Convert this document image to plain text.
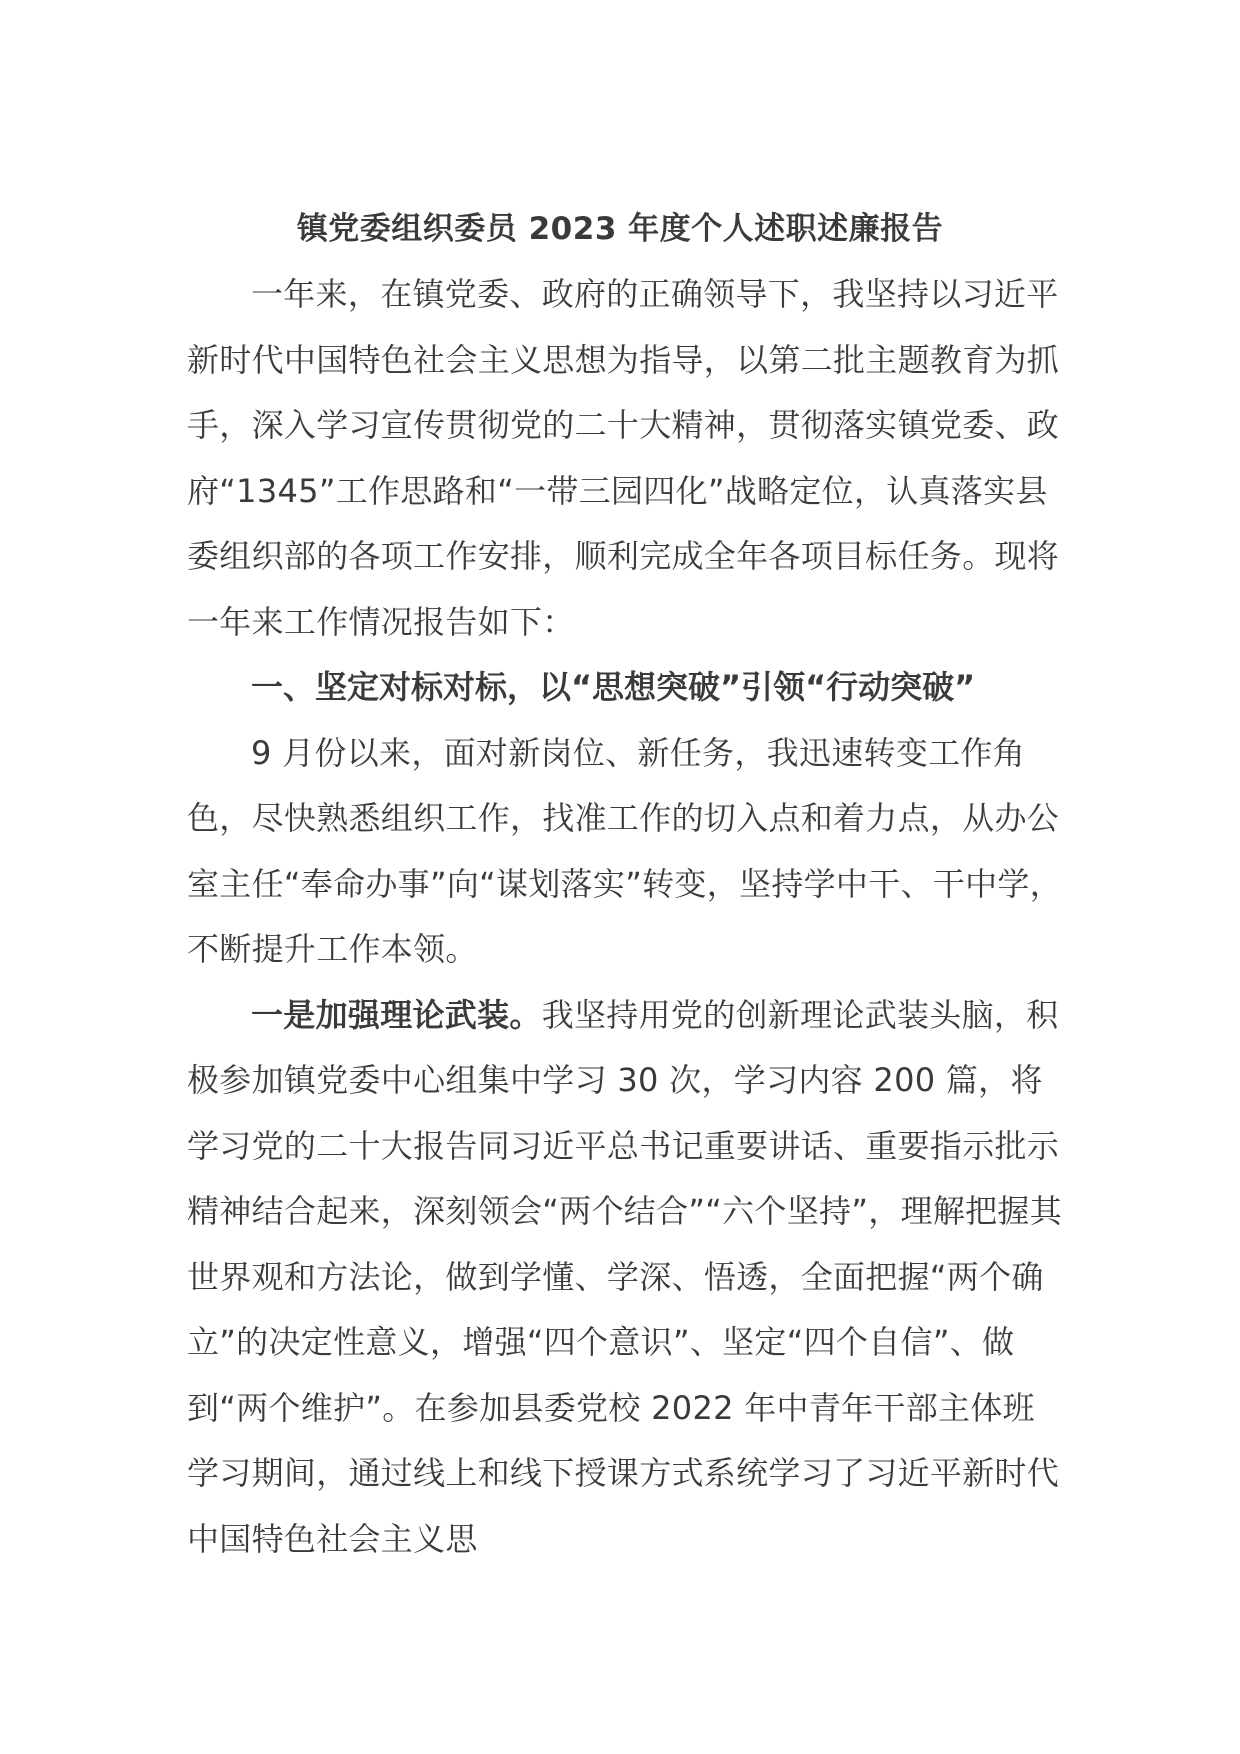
镇党委组织委员 2023 年度个人述职述廉报告

一年来，在镇党委、政府的正确领导下，我坚持以习近平新时代中国特色社会主义思想为指导，以第二批主题教育为抓手，深入学习宣传贯彻党的二十大精神，贯彻落实镇党委、政府“1345”工作思路和“一带三园四化”战略定位，认真落实县委组织部的各项工作安排，顺利完成全年各项目标任务。现将一年来工作情况报告如下：

一、坚定对标对标，以“思想突破”引领“行动突破”

9 月份以来，面对新岗位、新任务，我迅速转变工作角色，尽快熟悉组织工作，找准工作的切入点和着力点，从办公室主任“奉命办事”向“谋划落实”转变，坚持学中干、干中学，不断提升工作本领。

一是加强理论武装。我坚持用党的创新理论武装头脑，积极参加镇党委中心组集中学习 30 次，学习内容 200 篇，将学习党的二十大报告同习近平总书记重要讲话、重要指示批示精神结合起来，深刻领会“两个结合”“六个坚持”，理解把握其世界观和方法论，做到学懂、学深、悟透，全面把握“两个确立”的决定性意义，增强“四个意识”、坚定“四个自信”、做到“两个维护”。在参加县委党校 2022 年中青年干部主体班学习期间，通过线上和线下授课方式系统学习了习近平新时代中国特色社会主义思
